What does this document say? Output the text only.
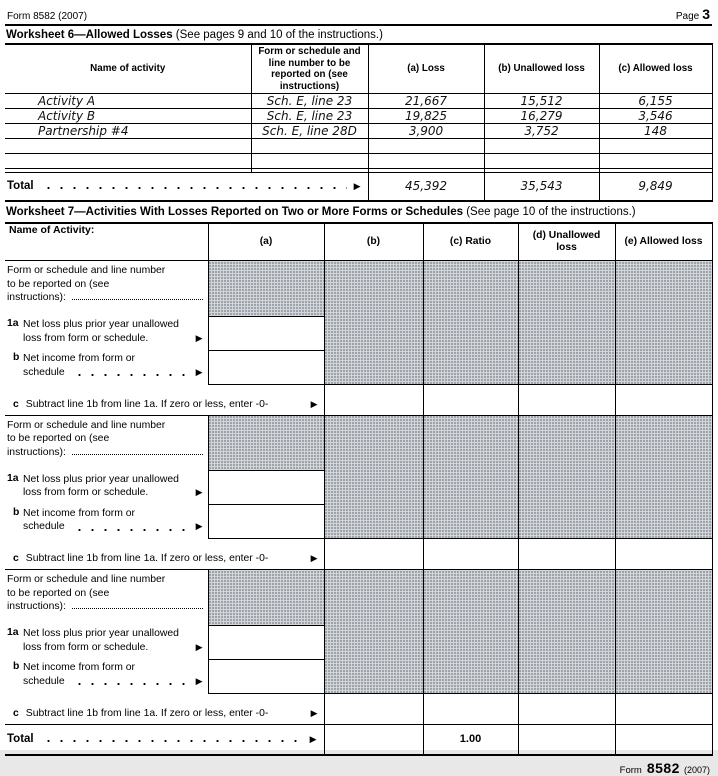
Form 8582 (2007)	Page 3
Worksheet 6—Allowed Losses (See pages 9 and 10 of the instructions.)
Name of activity	Form or schedule and line number to be reported on (see instructions)	(a) Loss	(b) Unallowed loss	(c) Allowed loss
Activity A	Sch. E, line 23	21,667	15,512	6,155
Activity B	Sch. E, line 23	19,825	16,279	3,546
Partnership #4	Sch. E, line 28D	3,900	3,752	148

Total ▶		45,392	35,543	9,849
Worksheet 7—Activities With Losses Reported on Two or More Forms or Schedules (See page 10 of the instructions.)
Name of Activity:	(a)	(b)	(c) Ratio	(d) Unallowed loss	(e) Allowed loss

Form or schedule and line number
to be reported on (see
instructions):
1a Net loss plus prior year unallowed
loss from form or schedule.	▶
b Net income from form or
schedule	▶

c Subtract line 1b from line 1a. If zero or less, enter -0- ▶					

Form or schedule and line number
to be reported on (see
instructions):
1a Net loss plus prior year unallowed
loss from form or schedule.	▶
b Net income from form or
schedule	▶

c Subtract line 1b from line 1a. If zero or less, enter -0- ▶					

Form or schedule and line number
to be reported on (see
instructions):
1a Net loss plus prior year unallowed
loss from form or schedule.	▶
b Net income from form or
schedule	▶

c Subtract line 1b from line 1a. If zero or less, enter -0- ▶					

Total ▶			1.00		
Form 8582 (2007)
